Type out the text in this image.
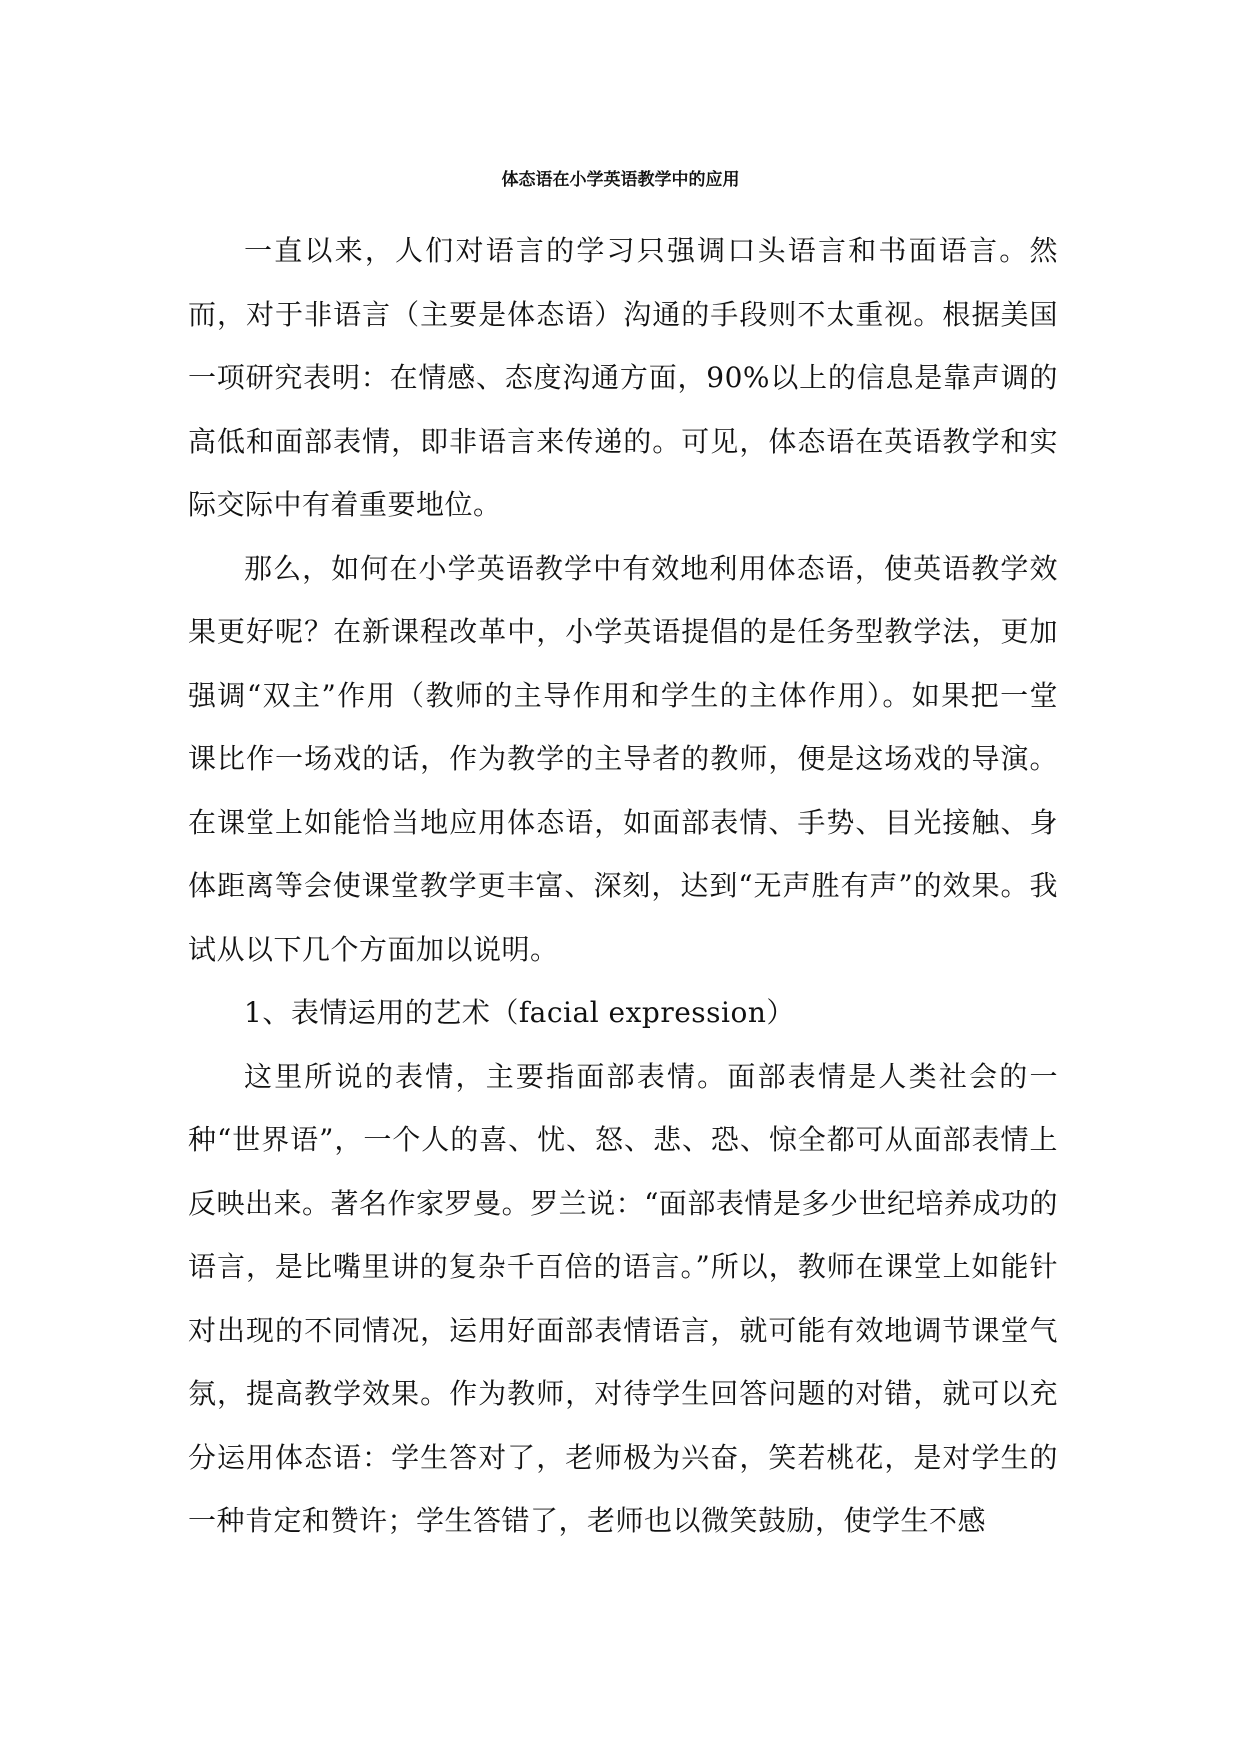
体态语在小学英语教学中的应用

一直以来，人们对语言的学习只强调口头语言和书面语言。然而，对于非语言（主要是体态语）沟通的手段则不太重视。根据美国一项研究表明：在情感、态度沟通方面，90%以上的信息是靠声调的高低和面部表情，即非语言来传递的。可见，体态语在英语教学和实际交际中有着重要地位。

那么，如何在小学英语教学中有效地利用体态语，使英语教学效果更好呢？在新课程改革中，小学英语提倡的是任务型教学法，更加强调“双主”作用（教师的主导作用和学生的主体作用）。如果把一堂课比作一场戏的话，作为教学的主导者的教师，便是这场戏的导演。在课堂上如能恰当地应用体态语，如面部表情、手势、目光接触、身体距离等会使课堂教学更丰富、深刻，达到“无声胜有声”的效果。我试从以下几个方面加以说明。

1、表情运用的艺术（facial expression）

这里所说的表情，主要指面部表情。面部表情是人类社会的一种“世界语”，一个人的喜、忧、怒、悲、恐、惊全都可从面部表情上反映出来。著名作家罗曼。罗兰说：“面部表情是多少世纪培养成功的语言，是比嘴里讲的复杂千百倍的语言。”所以，教师在课堂上如能针对出现的不同情况，运用好面部表情语言，就可能有效地调节课堂气氛，提高教学效果。作为教师，对待学生回答问题的对错，就可以充分运用体态语：学生答对了，老师极为兴奋，笑若桃花，是对学生的一种肯定和赞许；学生答错了，老师也以微笑鼓励，使学生不感
